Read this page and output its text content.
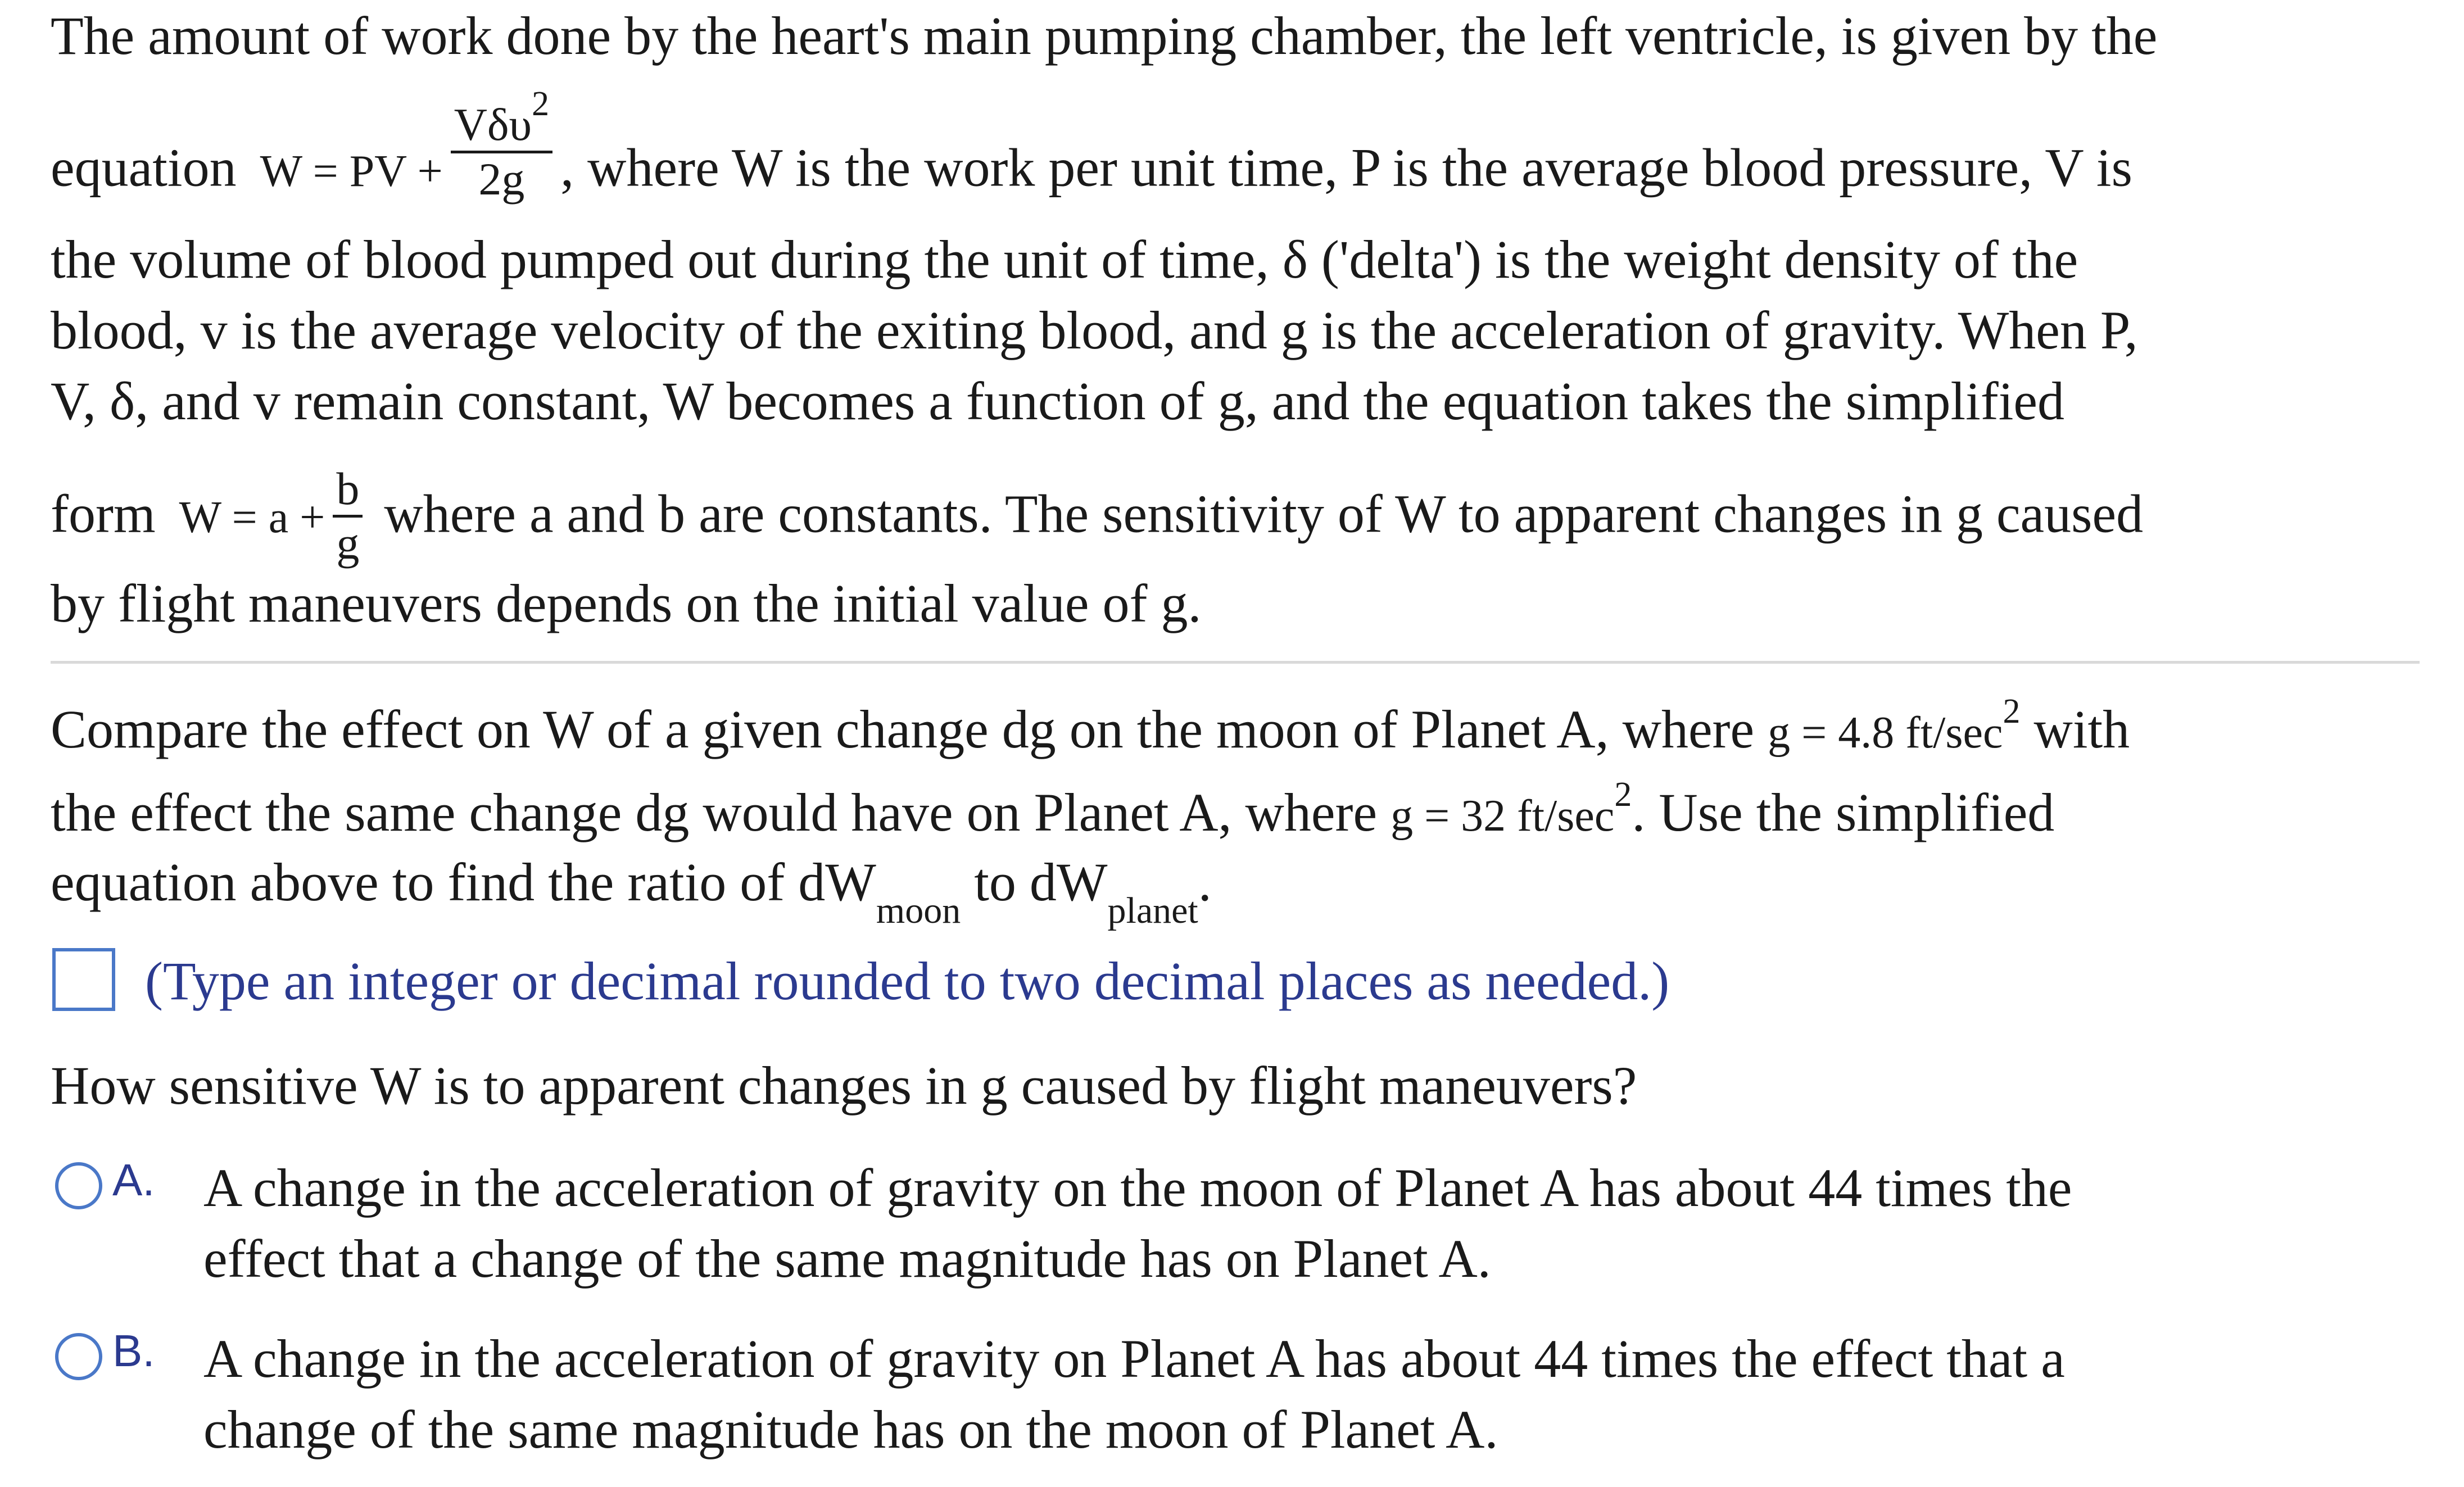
The amount of work done by the heart's main pumping chamber, the left ventricle, is given by the
equation W = PV +
Vδυ$^2$
2g , where W is the work per unit time, P is the average blood pressure, V is
the volume of blood pumped out during the unit of time, δ ('delta') is the weight density of the
blood, v is the average velocity of the exiting blood, and g is the acceleration of gravity. When P,
V, δ, and v remain constant, W becomes a function of g, and the equation takes the simplified
form W = a +
b
g where a and b are constants. The sensitivity of W to apparent changes in g caused
by flight maneuvers depends on the initial value of g.
Compare the effect on W of a given change dg on the moon of Planet A, where g = 4.8 $ft/\sec^2$ with
the effect the same change dg would have on Planet A, where g = 32 $ft/\sec^2$. Use the simplified
equation above to find the ratio of $dW_{moon}$ to $dW_{planet}$.
(Type an integer or decimal rounded to two decimal places as needed.)
How sensitive W is to apparent changes in g caused by flight maneuvers?
A. A change in the acceleration of gravity on the moon of Planet A has about 44 times the
effect that a change of the same magnitude has on Planet A.
B. A change in the acceleration of gravity on Planet A has about 44 times the effect that a
change of the same magnitude has on the moon of Planet A.
